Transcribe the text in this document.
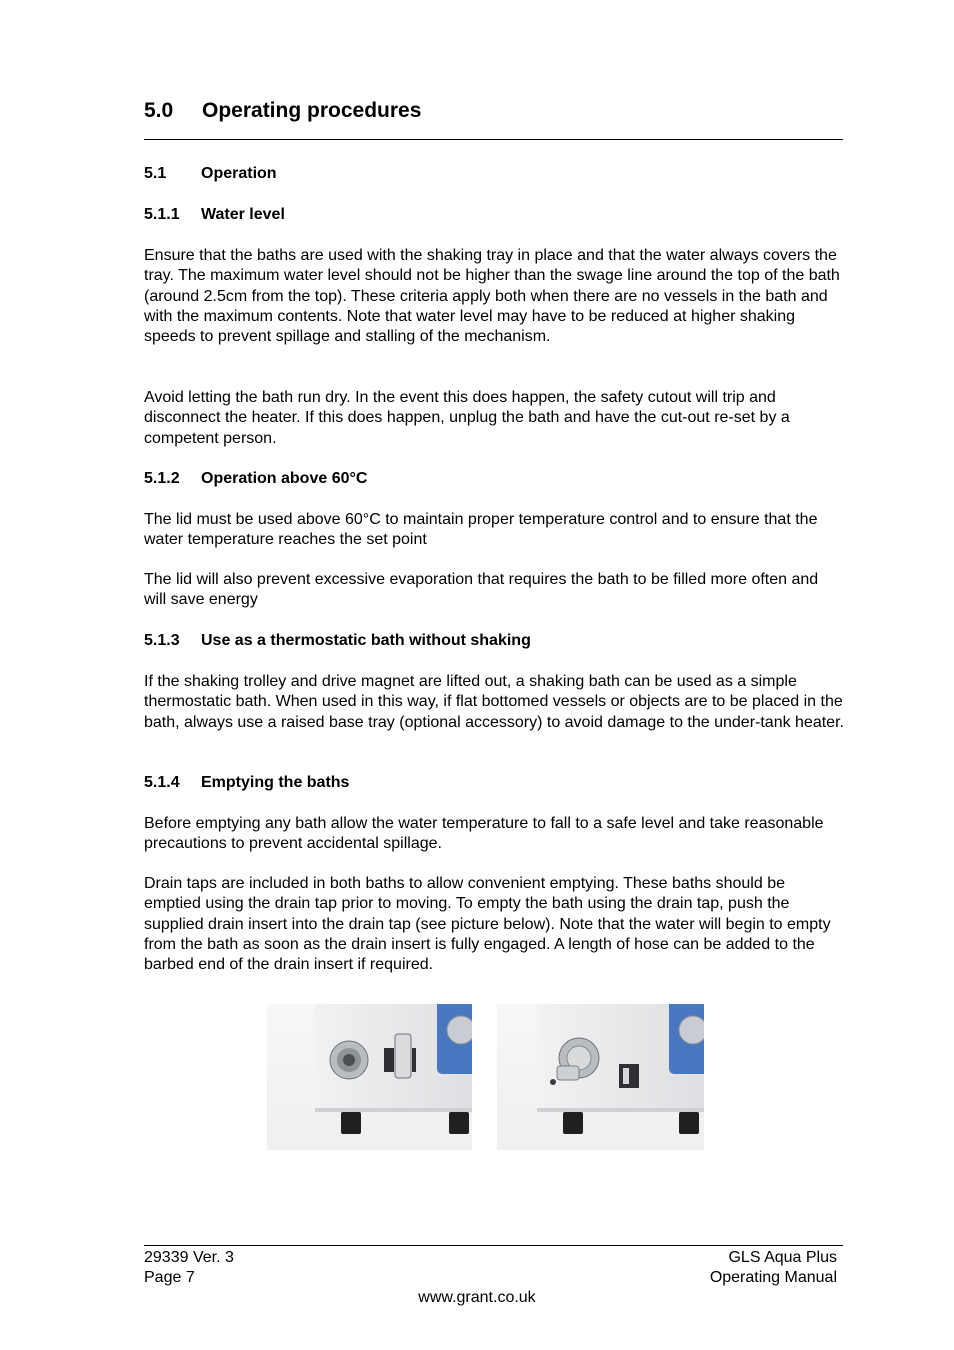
5.0 Operating procedures
5.1 Operation
5.1.1 Water level

Ensure that the baths are used with the shaking tray in place and that the water always covers the tray. The maximum water level should not be higher than the swage line around the top of the bath (around 2.5cm from the top). These criteria apply both when there are no vessels in the bath and with the maximum contents. Note that water level may have to be reduced at higher shaking speeds to prevent spillage and stalling of the mechanism.

Avoid letting the bath run dry. In the event this does happen, the safety cutout will trip and disconnect the heater. If this does happen, unplug the bath and have the cut-out re-set by a competent person.

5.1.2 Operation above 60°C

The lid must be used above 60°C to maintain proper temperature control and to ensure that the water temperature reaches the set point

The lid will also prevent excessive evaporation that requires the bath to be filled more often and will save energy

5.1.3 Use as a thermostatic bath without shaking

If the shaking trolley and drive magnet are lifted out, a shaking bath can be used as a simple thermostatic bath. When used in this way, if flat bottomed vessels or objects are to be placed in the bath, always use a raised base tray (optional accessory) to avoid damage to the under-tank heater.

5.1.4 Emptying the baths

Before emptying any bath allow the water temperature to fall to a safe level and take reasonable precautions to prevent accidental spillage.

Drain taps are included in both baths to allow convenient emptying. These baths should be emptied using the drain tap prior to moving. To empty the bath using the drain tap, push the supplied drain insert into the drain tap (see picture below). Note that the water will begin to empty from the bath as soon as the drain insert is fully engaged. A length of hose can be added to the barbed end of the drain insert if required.

29339 Ver. 3
Page 7
GLS Aqua Plus
Operating Manual
www.grant.co.uk
